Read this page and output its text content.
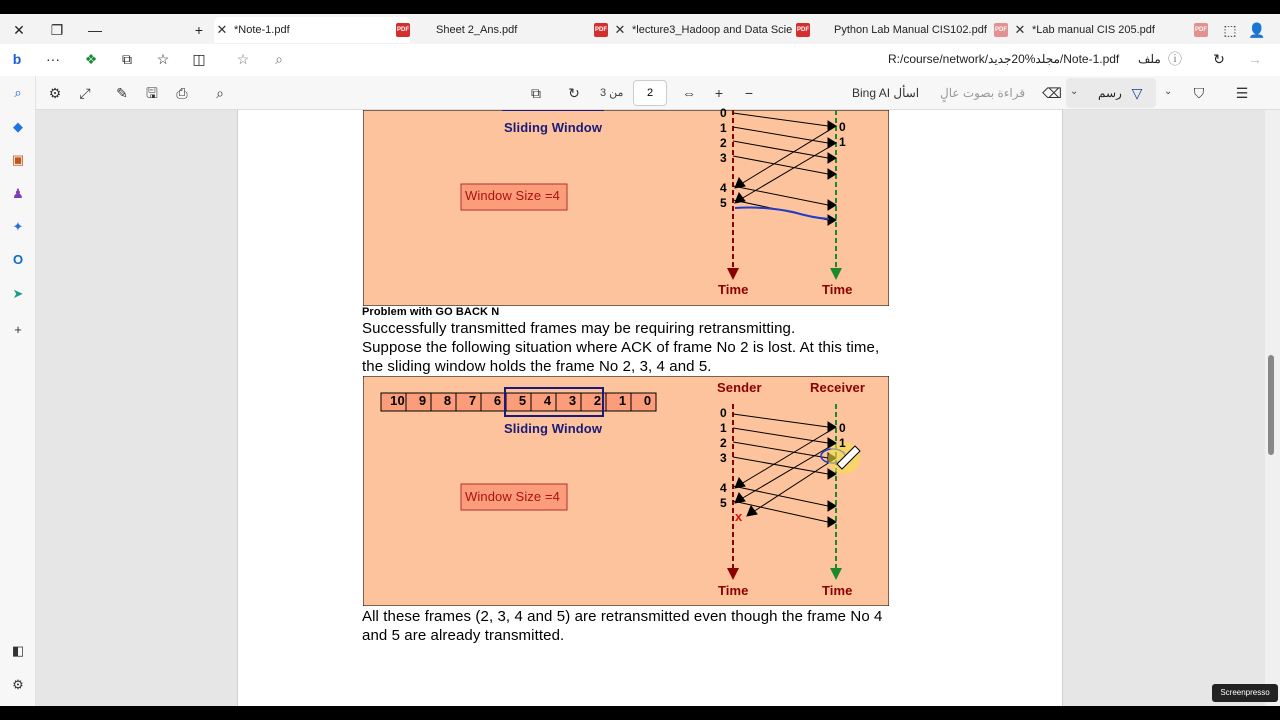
✕	❐	—	+	✕ *Note-1.pdf	PDF Sheet 2_Ans.pdf	PDF ✕ *lecture3_Hadoop and Data Scie PDF Python Lab Manual CIS102.pdf	PDF ✕ *Lab manual CIS 205.pdf	PDF	⬚ 👤
b	···	❖	⧉	☆	◫	☆	⌕	R:/course/network/مجلد%20جديد/Note-1.pdf ملف ⓘ	↻	→
⌕
◆
▣
♟
✦
O
➤
+
◧
⚙
⚙	⤢	✎ 🖫	⎙	⌕	⧉	↻	من 3	2	⇔	+	−	Bing AI اسأل قراءة بصوت عالٍ ⌫ ⌄ رسم ▽	⌄	⛉	☰
Sliding Window
Window Size =4
0
1
2
3
4
5
0
1
Time	Time
Problem with GO BACK N
Successfully transmitted frames may be requiring retransmitting.
Suppose the following situation where ACK of frame No 2 is lost. At this time,
the sliding window holds the frame No 2, 3, 4 and 5.
10	9	8	7	6	5	4	3	2	1	0
Sliding Window
Window Size =4
Sender	Receiver
0
1
2
3
4
5
0
1
x
Time	Time
All these frames (2, 3, 4 and 5) are retransmitted even though the frame No 4
and 5 are already transmitted.
Screenpresso
